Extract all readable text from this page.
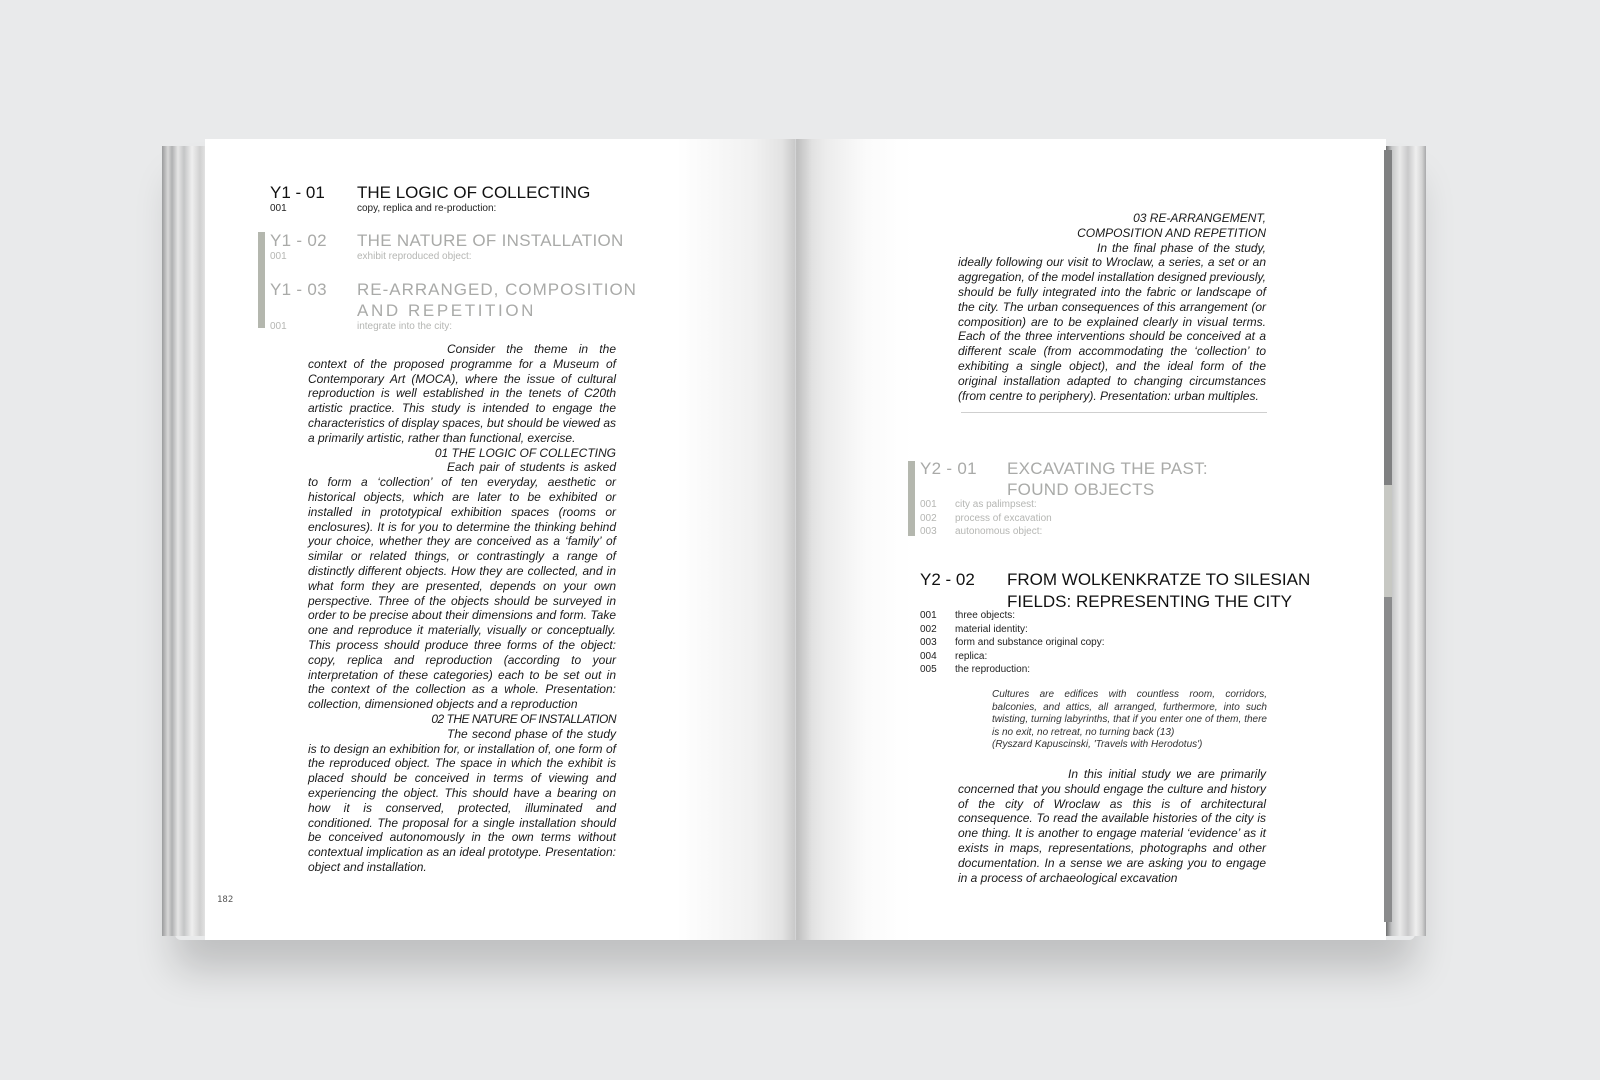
Y1 - 01 THE LOGIC OF COLLECTING
001	copy, replica and re-production:
Y1 - 02 THE NATURE OF INSTALLATION
001	exhibit reproduced object:
Y1 - 03 RE-ARRANGED, COMPOSITION
AND REPETITION
001	integrate into the city:

Consider the theme in the context of the proposed programme for a Museum of Contemporary Art (MOCA), where the issue of cultural reproduction is well established in the tenets of C20th artistic practice. This study is intended to engage the characteristics of display spaces, but should be viewed as a primarily artistic, rather than functional, exercise.

01 THE LOGIC OF COLLECTING

Each pair of students is asked to form a ‘collection’ of ten everyday, aesthetic or historical objects, which are later to be exhibited or installed in prototypical exhibition spaces (rooms or enclosures). It is for you to determine the thinking behind your choice, whether they are conceived as a ‘family’ of similar or related things, or contrastingly a range of distinctly different objects. How they are collected, and in what form they are presented, depends on your own perspective. Three of the objects should be surveyed in order to be precise about their dimensions and form. Take one and reproduce it materially, visually or conceptually. This process should produce three forms of the object: copy, replica and reproduction (according to your interpretation of these categories) each to be set out in the context of the collection as a whole. Presentation: collection, dimensioned objects and a reproduction

02 THE NATURE OF INSTALLATION

The second phase of the study is to design an exhibition for, or installation of, one form of the reproduced object. The space in which the exhibit is placed should be conceived in terms of viewing and experiencing the object. This should have a bearing on how it is conserved, protected, illuminated and conditioned. The proposal for a single installation should be conceived autonomously in the own terms without contextual implication as an ideal prototype. Presentation: object and installation.

182

03 RE-ARRANGEMENT,

COMPOSITION AND REPETITION

In the final phase of the study, ideally following our visit to Wroclaw, a series, a set or an aggregation, of the model installation designed previously, should be fully integrated into the fabric or landscape of the city. The urban consequences of this arrangement (or composition) are to be explained clearly in visual terms. Each of the three interventions should be conceived at a different scale (from accommodating the ‘collection’ to exhibiting a single object), and the ideal form of the original installation adapted to changing circumstances (from centre to periphery). Presentation: urban multiples.

Y2 - 01 EXCAVATING THE PAST:
FOUND OBJECTS
001 city as palimpsest:
002 process of excavation
003 autonomous object:
Y2 - 02 FROM WOLKENKRATZE TO SILESIAN
FIELDS: REPRESENTING THE CITY
001 three objects:
002 material identity:
003 form and substance original copy:
004 replica:
005 the reproduction:

Cultures are edifices with countless room, corridors, balconies, and attics, all arranged, furthermore, into such twisting, turning labyrinths, that if you enter one of them, there is no exit, no retreat, no turning back (13)

(Ryszard Kapuscinski, 'Travels with Herodotus')

In this initial study we are primarily concerned that you should engage the culture and history of the city of Wroclaw as this is of architectural consequence. To read the available histories of the city is one thing. It is another to engage material ‘evidence’ as it exists in maps, representations, photographs and other documentation. In a sense we are asking you to engage in a process of archaeological excavation
